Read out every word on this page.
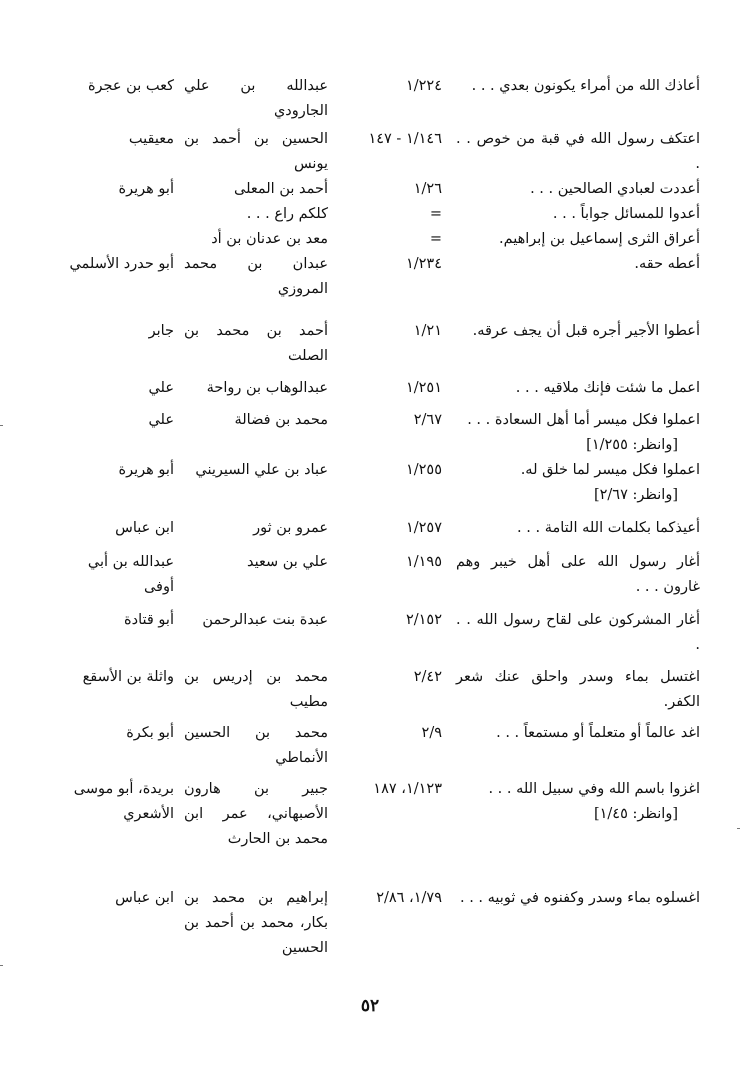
أعاذك الله من أمراء يكونون بعدي . . .
١/٢٢٤
عبدالله بن علي الجارودي
كعب بن عجرة
اعتكف رسول الله في قبة من خوص . . .
١/١٤٦ - ١٤٧
الحسين بن أحمد بن يونس
معيقيب
أعددت لعبادي الصالحين . . .
١/٢٦
أحمد بن المعلى
أبو هريرة
أعدوا للمسائل جواباً . . .
=
كلكم راع . . .
أعراق الثرى إسماعيل بن إبراهيم.
=
معد بن عدنان بن أد
أعطه حقه.
١/٢٣٤
عبدان بن محمد المروزي
أبو حدرد الأسلمي
أعطوا الأجير أجره قبل أن يجف عرقه.
١/٢١
أحمد بن محمد بن الصلت
جابر
اعمل ما شئت فإنك ملاقيه . . .
١/٢٥١
عبدالوهاب بن رواحة
علي
اعملوا فكل ميسر أما أهل السعادة . . .
[وانظر: ١/٢٥٥]
٢/٦٧
محمد بن فضالة
علي
اعملوا فكل ميسر لما خلق له.
[وانظر: ٢/٦٧]
١/٢٥٥
عباد بن علي السيريني
أبو هريرة
أعيذكما بكلمات الله التامة . . .
١/٢٥٧
عمرو بن ثور
ابن عباس
أغار رسول الله على أهل خيبر وهم غارون . . .
١/١٩٥
علي بن سعيد
عبدالله بن أبي أوفى
أغار المشركون على لقاح رسول الله . . .
٢/١٥٢
عبدة بنت عبدالرحمن
أبو قتادة
اغتسل بماء وسدر واحلق عنك شعر الكفر.
٢/٤٢
محمد بن إدريس بن مطيب
واثلة بن الأسقع
اغد عالماً أو متعلماً أو مستمعاً . . .
٢/٩
محمد بن الحسين الأنماطي
أبو بكرة
اغزوا باسم الله وفي سبيل الله . . .
[وانظر: ١/٤٥]
١/١٢٣، ١٨٧
جبير بن هارون الأصبهاني، عمر ابن محمد بن الحارث
بريدة، أبو موسى الأشعري
اغسلوه بماء وسدر وكفنوه في ثوبيه . . .
١/٧٩، ٢/٨٦
إبراهيم بن محمد بن بكار، محمد بن أحمد بن الحسين
ابن عباس
٥٢
